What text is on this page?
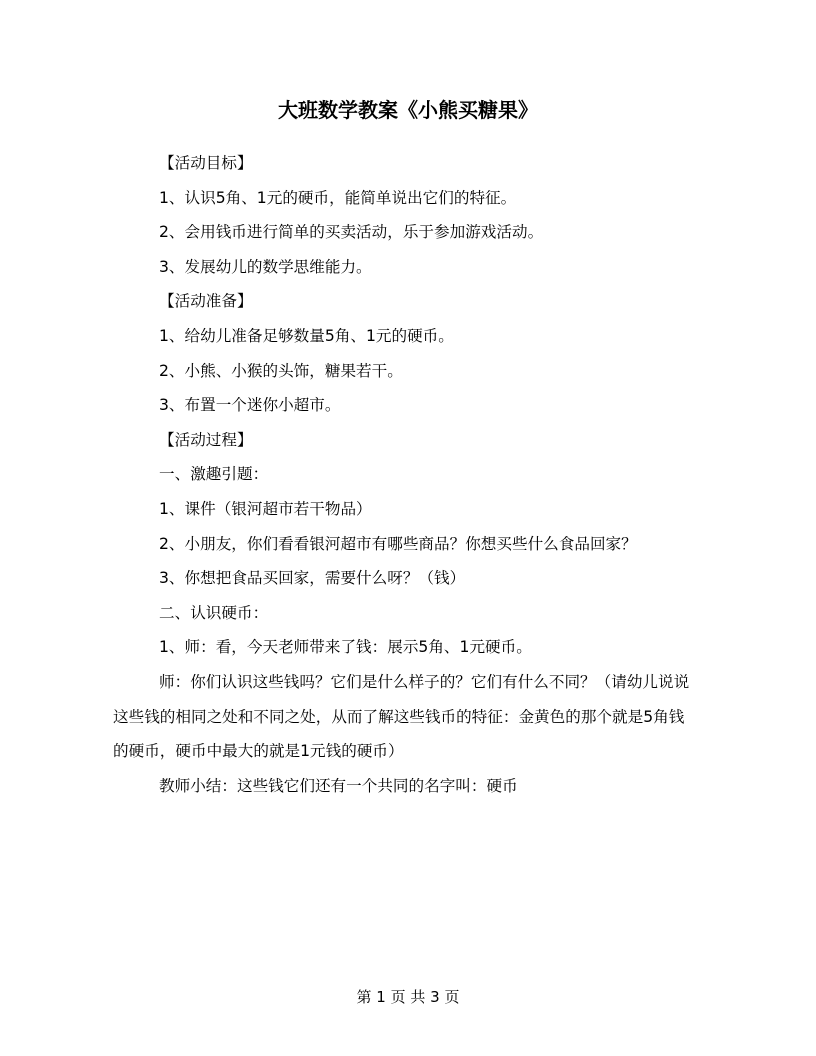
大班数学教案《小熊买糖果》

【活动目标】

1、认识5角、1元的硬币，能简单说出它们的特征。

2、会用钱币进行简单的买卖活动，乐于参加游戏活动。

3、发展幼儿的数学思维能力。

【活动准备】

1、给幼儿准备足够数量5角、1元的硬币。

2、小熊、小猴的头饰，糖果若干。

3、布置一个迷你小超市。

【活动过程】

一、激趣引题：

1、课件（银河超市若干物品）

2、小朋友，你们看看银河超市有哪些商品？你想买些什么食品回家？

3、你想把食品买回家，需要什么呀？（钱）

二、认识硬币：

1、师：看，今天老师带来了钱：展示5角、1元硬币。

师：你们认识这些钱吗？它们是什么样子的？它们有什么不同？（请幼儿说说这些钱的相同之处和不同之处，从而了解这些钱币的特征：金黄色的那个就是5角钱的硬币，硬币中最大的就是1元钱的硬币）

教师小结：这些钱它们还有一个共同的名字叫：硬币

第 1 页 共 3 页
